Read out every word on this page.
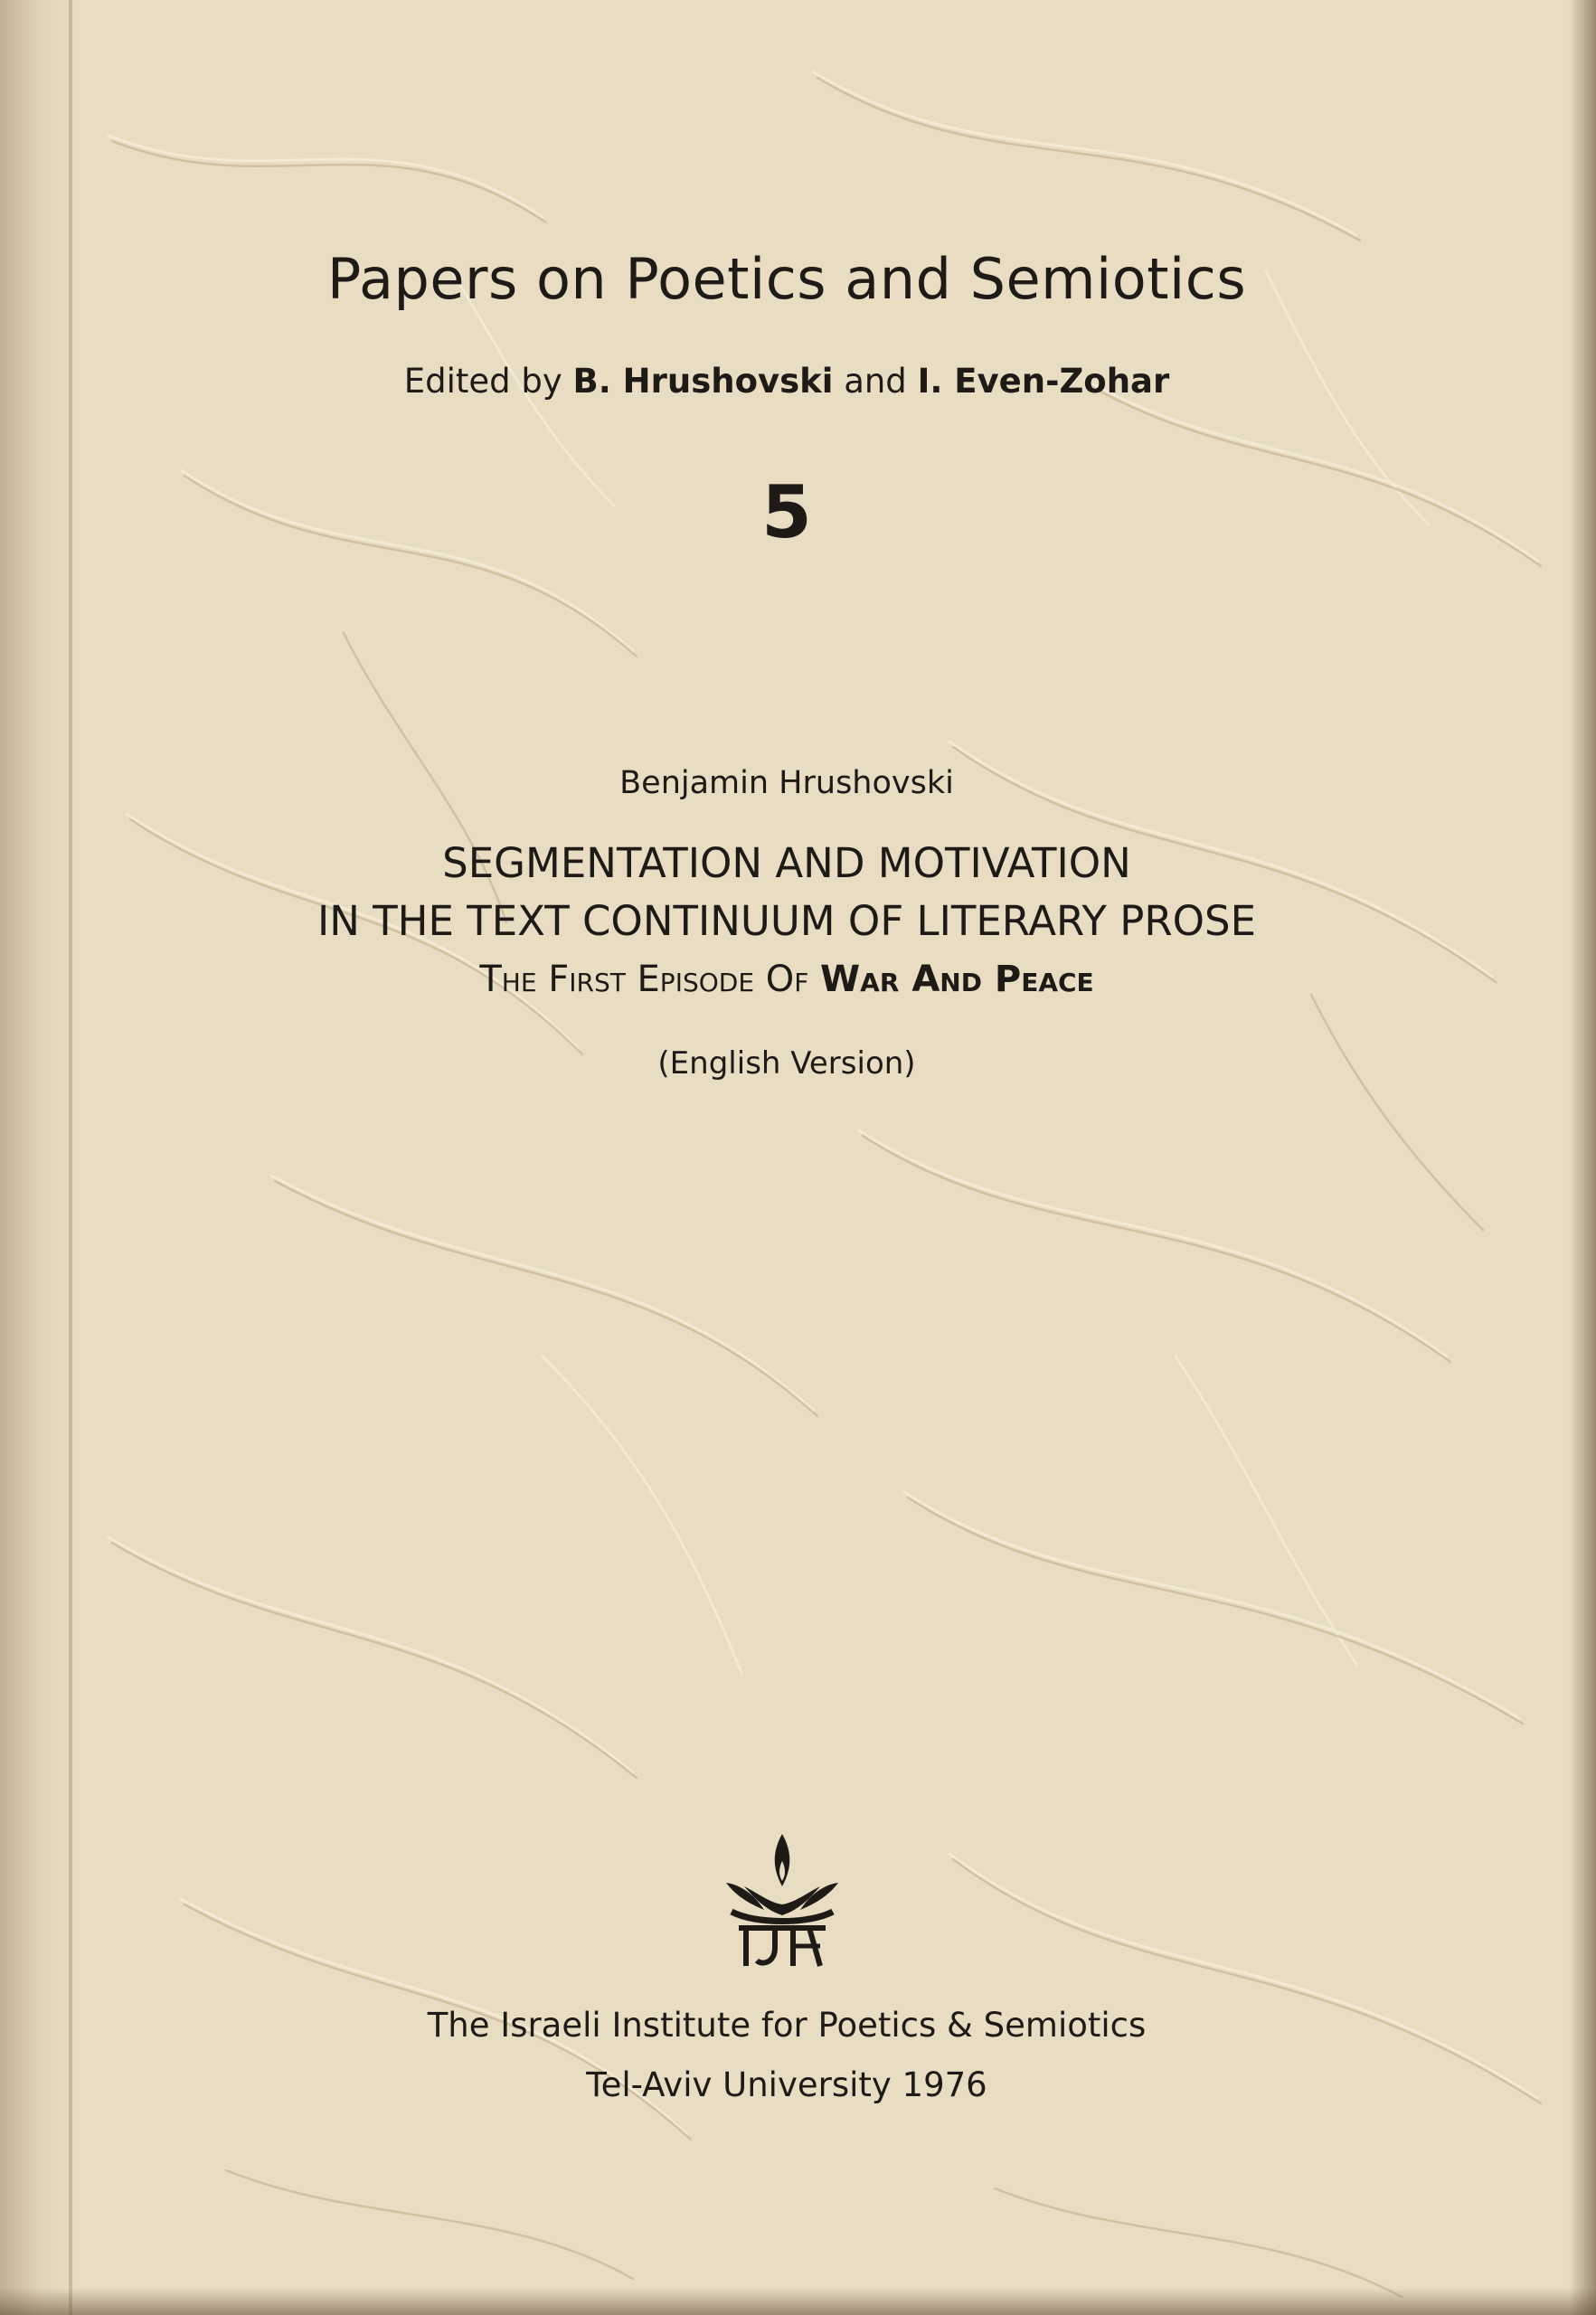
Papers on Poetics and Semiotics
Edited by B. Hrushovski and I. Even-Zohar
5
Benjamin Hrushovski
SEGMENTATION AND MOTIVATION
IN THE TEXT CONTINUUM OF LITERARY PROSE
The First Episode Of War And Peace
(English Version)
The Israeli Institute for Poetics & Semiotics
Tel-Aviv University 1976
